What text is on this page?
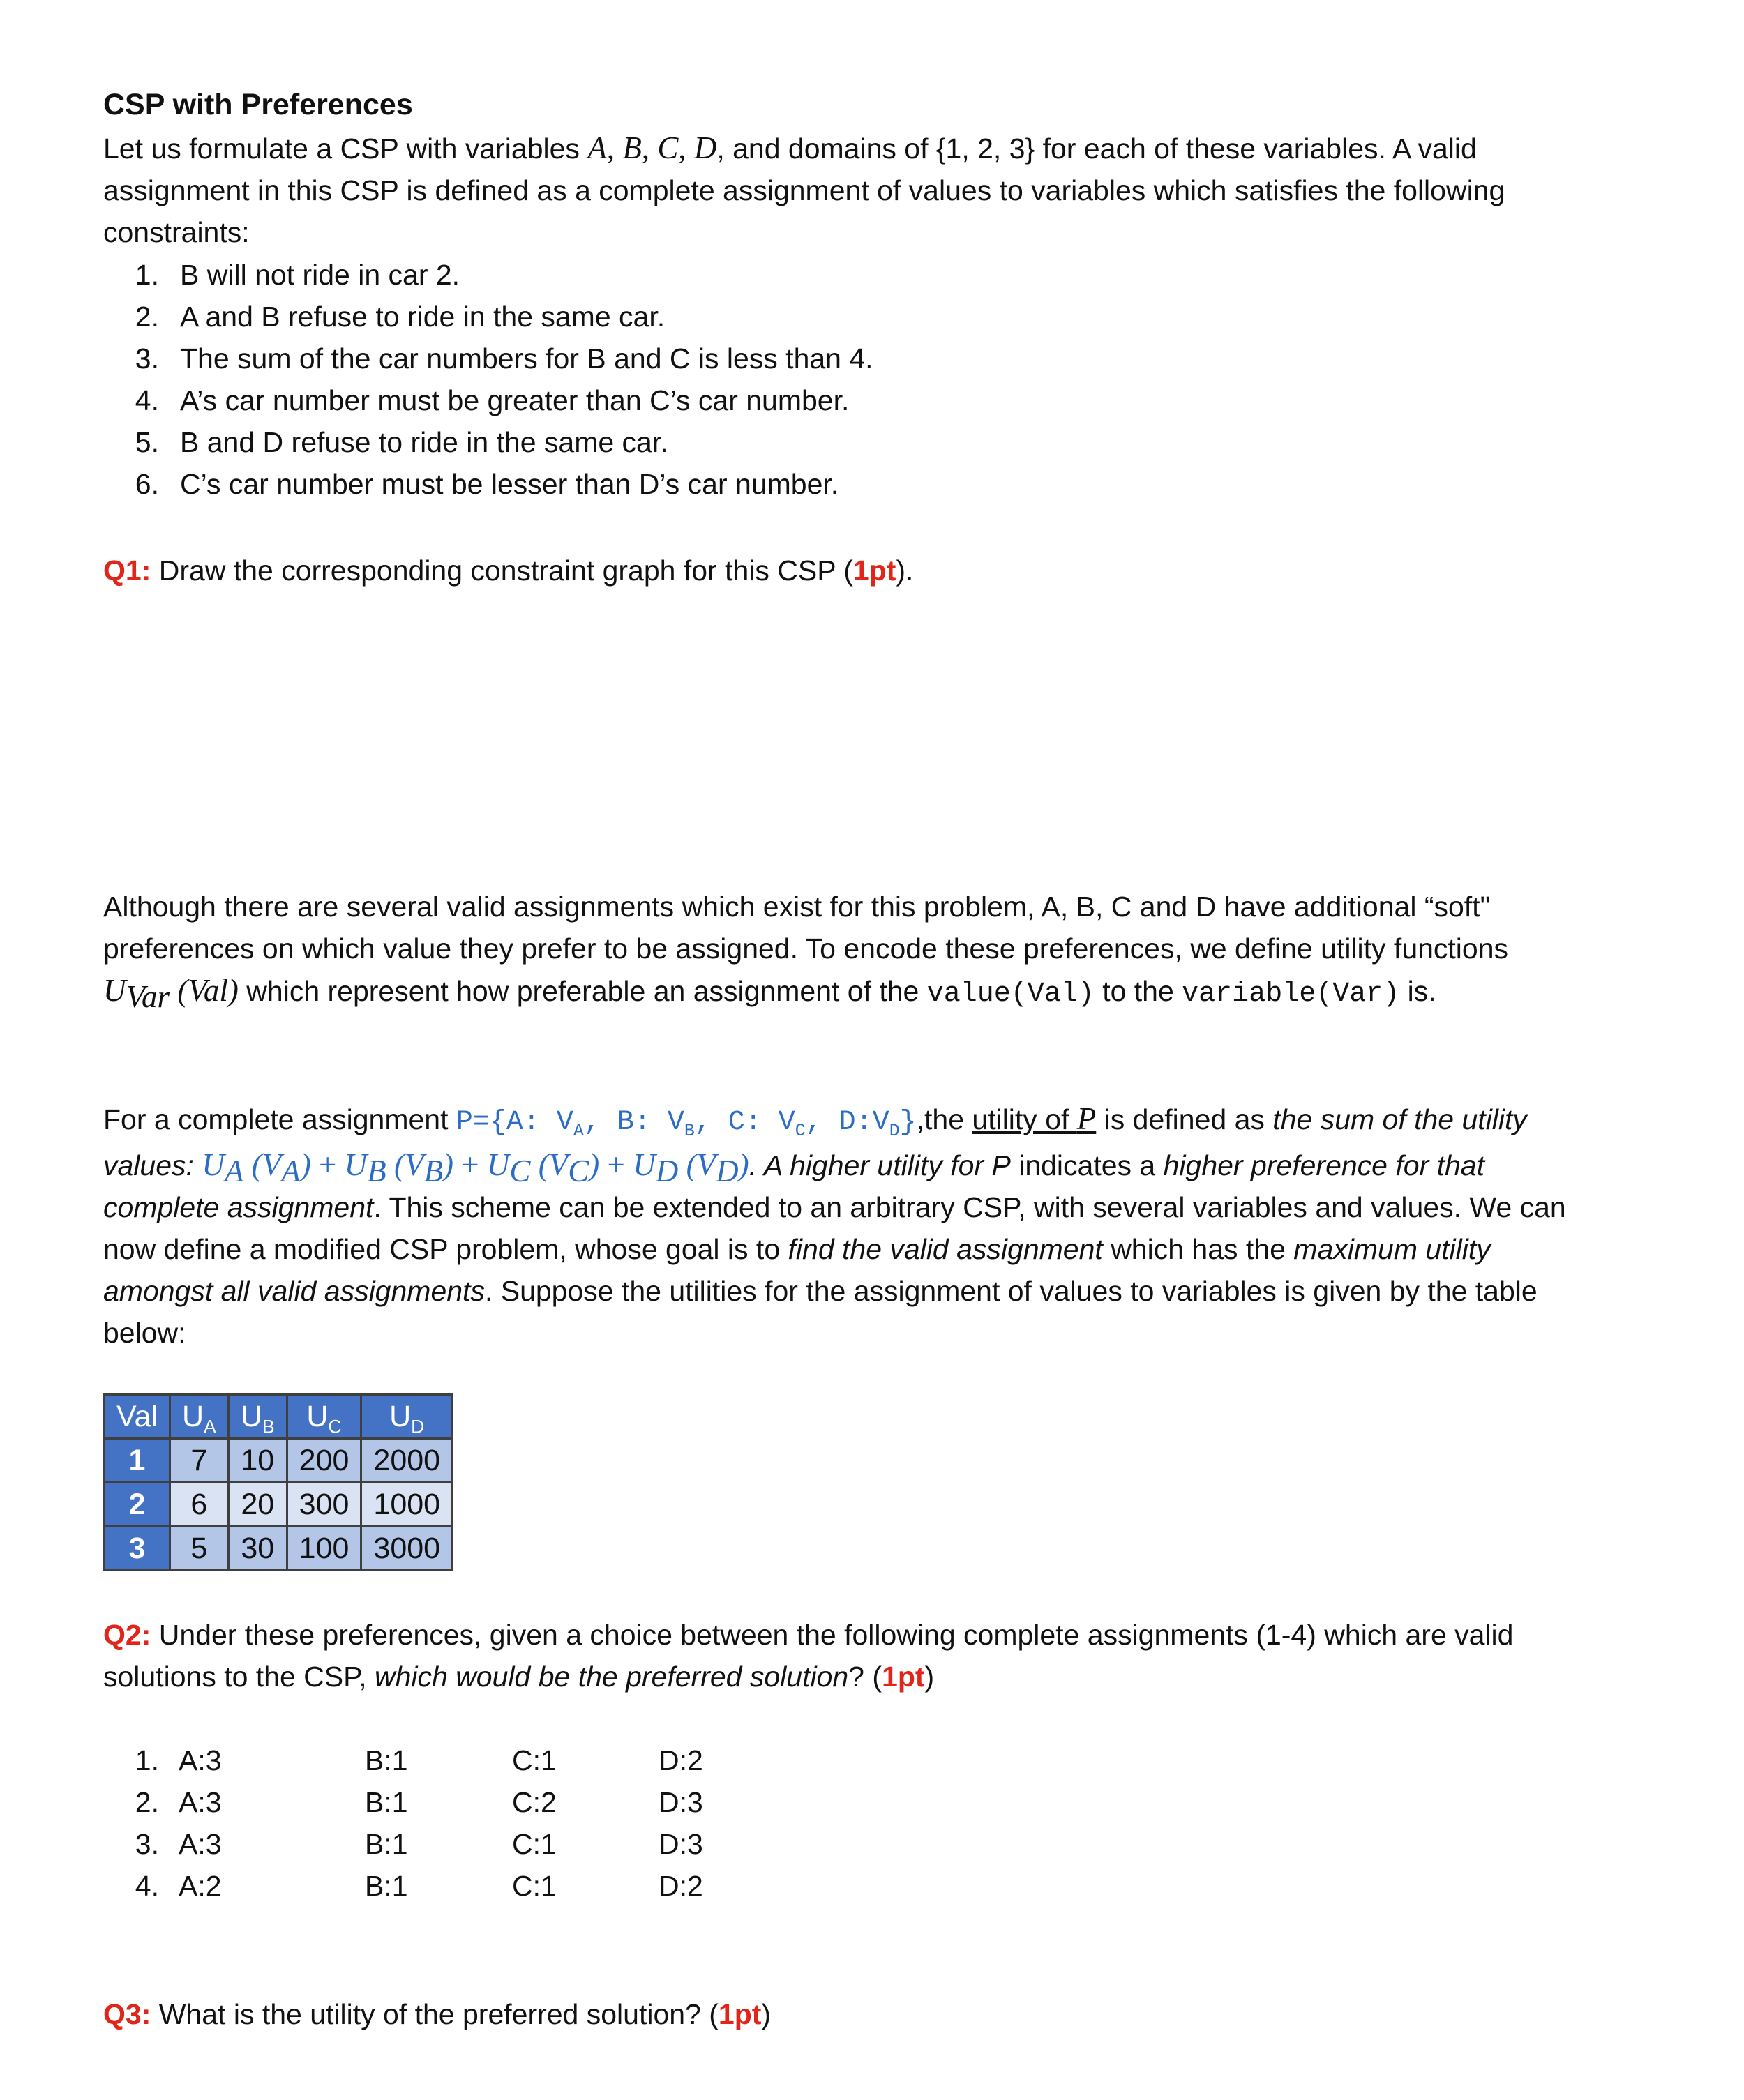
CSP with Preferences
Let us formulate a CSP with variables A, B, C, D, and domains of {1, 2, 3} for each of these variables. A valid assignment in this CSP is defined as a complete assignment of values to variables which satisfies the following constraints:
1. B will not ride in car 2.
2. A and B refuse to ride in the same car.
3. The sum of the car numbers for B and C is less than 4.
4. A’s car number must be greater than C’s car number.
5. B and D refuse to ride in the same car.
6. C’s car number must be lesser than D’s car number.
Q1: Draw the corresponding constraint graph for this CSP (1pt).
Although there are several valid assignments which exist for this problem, A, B, C and D have additional “soft" preferences on which value they prefer to be assigned. To encode these preferences, we define utility functions $U_{Var}$ (Val) which represent how preferable an assignment of the value(Val) to the variable(Var) is.
For a complete assignment P={A: $V_A$, B: $V_B$, C: $V_C$, $D:V_D\},the$ utility of P is defined as the sum of the utility values: $U_A$ $(V_A) + U_B$ $(V_B) + U_C$ $(V_C) + U_D$ $(V_D)$. A higher utility for P indicates a higher preference for that complete assignment. This scheme can be extended to an arbitrary CSP, with several variables and values. We can now define a modified CSP problem, whose goal is to find the valid assignment which has the maximum utility amongst all valid assignments. Suppose the utilities for the assignment of values to variables is given by the table below:
Val	$U_A$	$U_B$	$U_C$	$U_D$
1	7	10	200	2000
2	6	20	300	1000
3	5	30	100	3000
Q2: Under these preferences, given a choice between the following complete assignments (1-4) which are valid solutions to the CSP, which would be the preferred solution? (1pt)
1. A:3	B:1	C:1	D:2
2. A:3	B:1	C:2	D:3
3. A:3	B:1	C:1	D:3
4. A:2	B:1	C:1	D:2
Q3: What is the utility of the preferred solution? (1pt)
